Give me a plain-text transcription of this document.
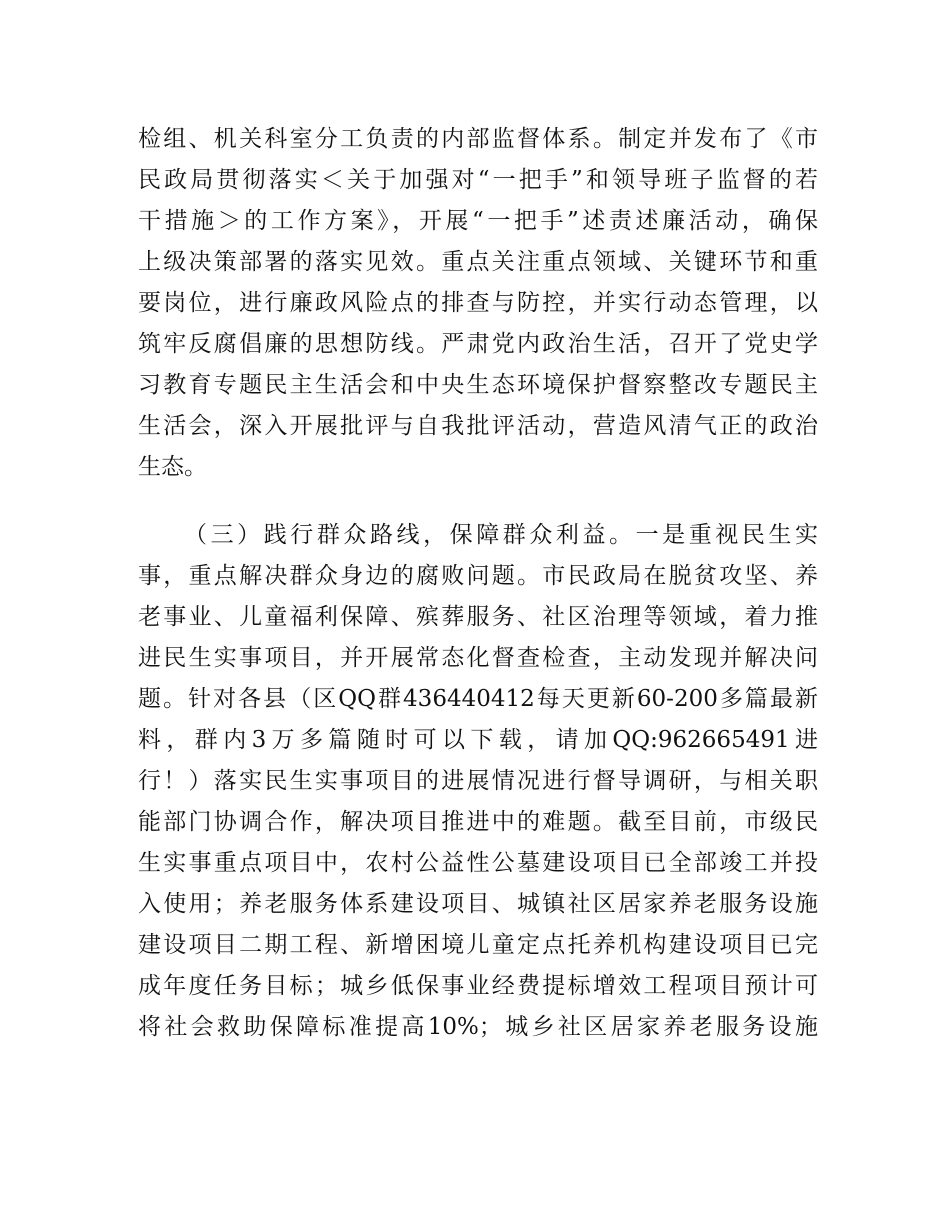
检组、机关科室分工负责的内部监督体系。制定并发布了《市
民政局贯彻落实＜关于加强对“一把手”和领导班子监督的若
干措施＞的工作方案》，开展“一把手”述责述廉活动，确保
上级决策部署的落实见效。重点关注重点领域、关键环节和重
要岗位，进行廉政风险点的排查与防控，并实行动态管理，以
筑牢反腐倡廉的思想防线。严肃党内政治生活，召开了党史学
习教育专题民主生活会和中央生态环境保护督察整改专题民主
生活会，深入开展批评与自我批评活动，营造风清气正的政治
生态。
（三）践行群众路线，保障群众利益。一是重视民生实
事，重点解决群众身边的腐败问题。市民政局在脱贫攻坚、养
老事业、儿童福利保障、殡葬服务、社区治理等领域，着力推
进民生实事项目，并开展常态化督查检查，主动发现并解决问
题。针对各县（区QQ群436440412每天更新60-200多篇最新
料，群内3万多篇随时可以下载，请加QQ:962665491进
行！）落实民生实事项目的进展情况进行督导调研，与相关职
能部门协调合作，解决项目推进中的难题。截至目前，市级民
生实事重点项目中，农村公益性公墓建设项目已全部竣工并投
入使用；养老服务体系建设项目、城镇社区居家养老服务设施
建设项目二期工程、新增困境儿童定点托养机构建设项目已完
成年度任务目标；城乡低保事业经费提标增效工程项目预计可
将社会救助保障标准提高10%；城乡社区居家养老服务设施
